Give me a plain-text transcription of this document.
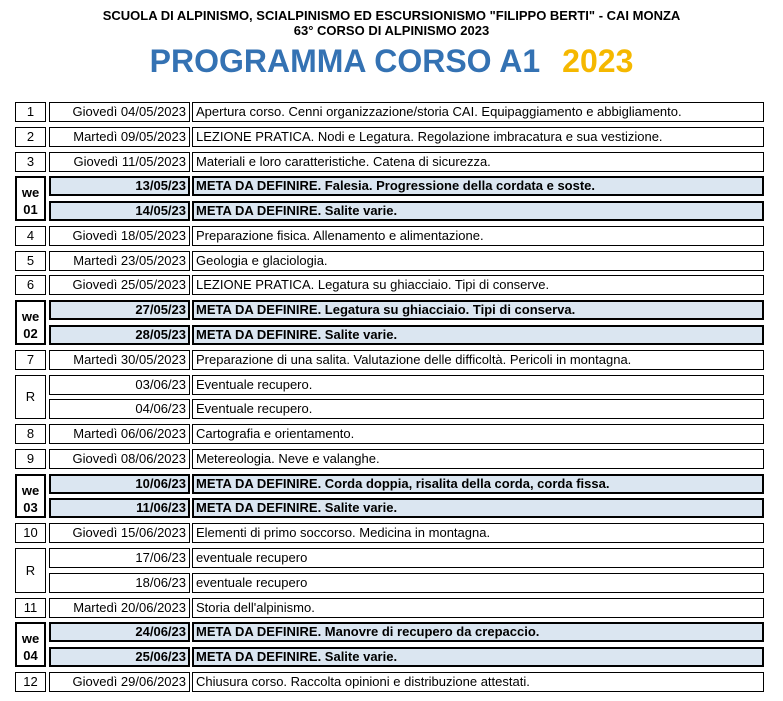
SCUOLA DI ALPINISMO, SCIALPINISMO ED ESCURSIONISMO "FILIPPO BERTI" - CAI MONZA
63° CORSO DI ALPINISMO 2023
PROGRAMMA CORSO A1 2023
1	Giovedì 04/05/2023 Apertura corso. Cenni organizzazione/storia CAI. Equipaggiamento e abbigliamento.
2	Martedì 09/05/2023 LEZIONE PRATICA. Nodi e Legatura. Regolazione imbracatura e sua vestizione.
3	Giovedì 11/05/2023 Materiali e loro caratteristiche. Catena di sicurezza.
we
01
13/05/23 META DA DEFINIRE. Falesia. Progressione della cordata e soste.
14/05/23 META DA DEFINIRE. Salite varie.
4	Giovedì 18/05/2023 Preparazione fisica. Allenamento e alimentazione.
5	Martedì 23/05/2023 Geologia e glaciologia.
6	Giovedì 25/05/2023 LEZIONE PRATICA. Legatura su ghiacciaio. Tipi di conserve.
we
02
27/05/23 META DA DEFINIRE. Legatura su ghiacciaio. Tipi di conserva.
28/05/23 META DA DEFINIRE. Salite varie.
7	Martedì 30/05/2023 Preparazione di una salita. Valutazione delle difficoltà. Pericoli in montagna.
R
03/06/23 Eventuale recupero.
04/06/23 Eventuale recupero.
8	Martedì 06/06/2023 Cartografia e orientamento.
9	Giovedì 08/06/2023 Metereologia. Neve e valanghe.
we
03
10/06/23 META DA DEFINIRE. Corda doppia, risalita della corda, corda fissa.
11/06/23 META DA DEFINIRE. Salite varie.
10	Giovedì 15/06/2023 Elementi di primo soccorso. Medicina in montagna.
R
17/06/23 eventuale recupero
18/06/23 eventuale recupero
11	Martedì 20/06/2023 Storia dell'alpinismo.
we
04
24/06/23 META DA DEFINIRE. Manovre di recupero da crepaccio.
25/06/23 META DA DEFINIRE. Salite varie.
12	Giovedì 29/06/2023 Chiusura corso. Raccolta opinioni e distribuzione attestati.
